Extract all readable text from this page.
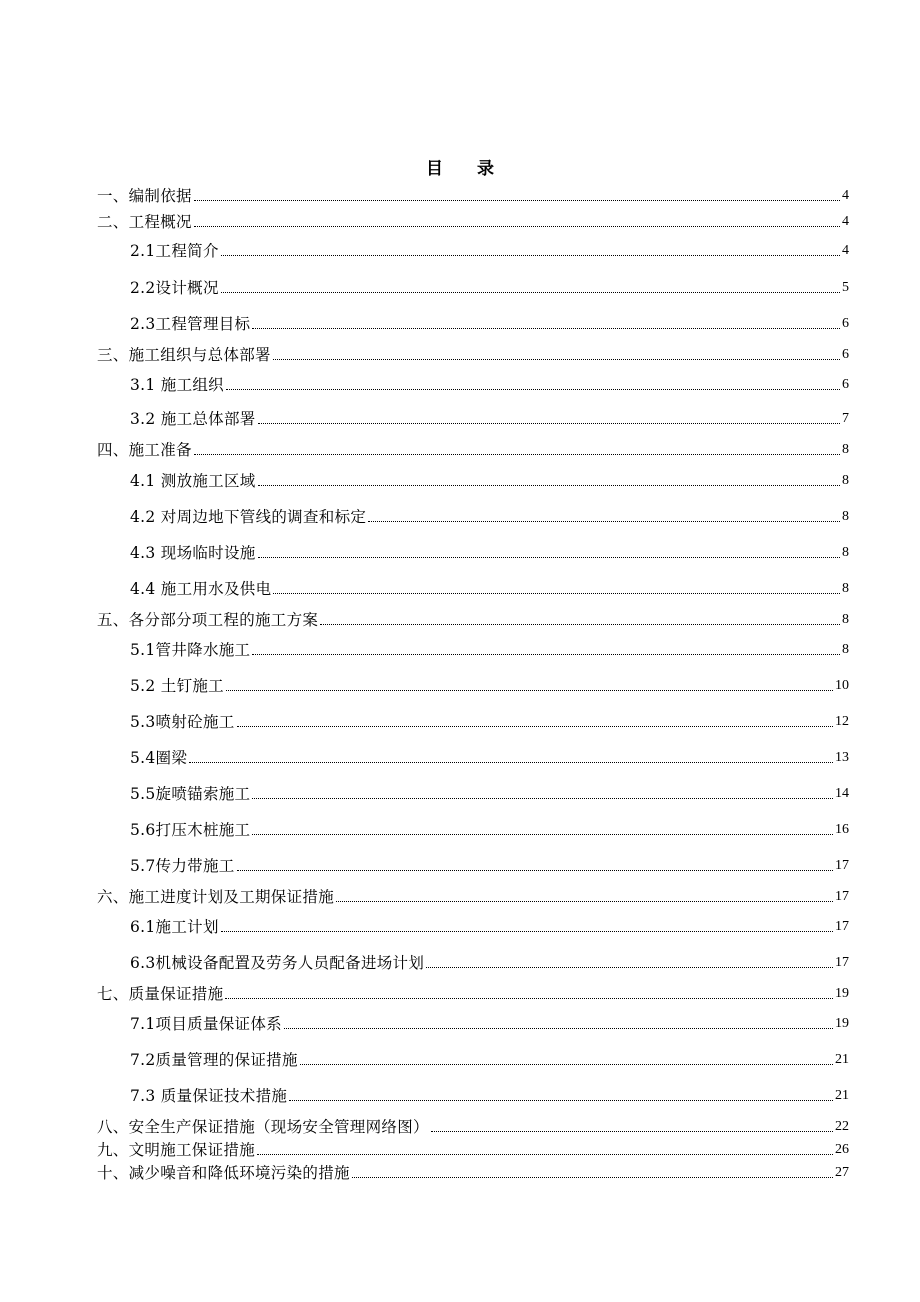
目　　录
一、编制依据	4
二、工程概况	4
2.1工程简介	4
2.2设计概况	5
2.3工程管理目标	6
三、施工组织与总体部署	6
3.1 施工组织	6
3.2 施工总体部署	7
四、施工准备	8
4.1 测放施工区域	8
4.2 对周边地下管线的调查和标定	8
4.3 现场临时设施	8
4.4 施工用水及供电	8
五、各分部分项工程的施工方案	8
5.1管井降水施工	8
5.2 土钉施工	10
5.3喷射砼施工	12
5.4圈梁	13
5.5旋喷锚索施工	14
5.6打压木桩施工	16
5.7传力带施工	17
六、施工进度计划及工期保证措施	17
6.1施工计划	17
6.3机械设备配置及劳务人员配备进场计划	17
七、质量保证措施	19
7.1项目质量保证体系	19
7.2质量管理的保证措施	21
7.3 质量保证技术措施	21
八、安全生产保证措施（现场安全管理网络图）	22
九、文明施工保证措施	26
十、减少噪音和降低环境污染的措施	27
